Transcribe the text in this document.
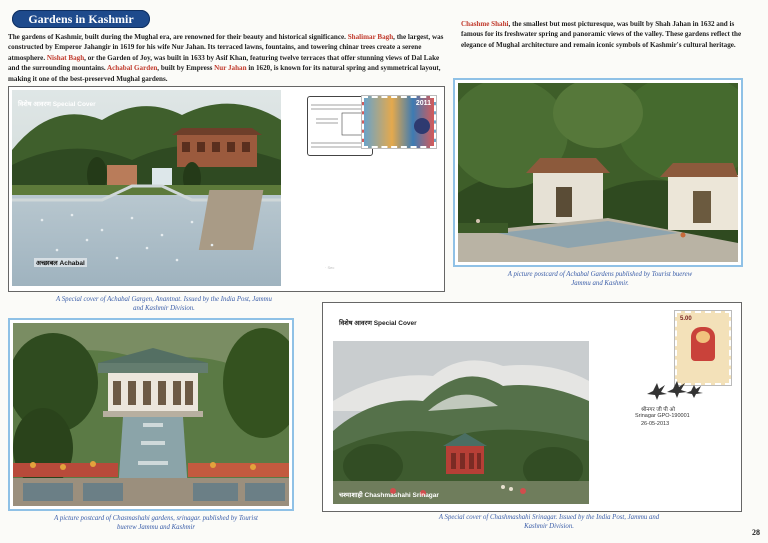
Gardens in Kashmir
The gardens of Kashmir, built during the Mughal era, are renowned for their beauty and historical significance. Shalimar Bagh, the largest, was constructed by Emperor Jahangir in 1619 for his wife Nur Jahan. Its terraced lawns, fountains, and towering chinar trees create a serene atmosphere. Nishat Bagh, or the Garden of Joy, was built in 1633 by Asif Khan, featuring twelve terraces that offer stunning views of Dal Lake and the surrounding mountains. Achabal Garden, built by Empress Nur Jahan in 1620, is known for its natural spring and symmetrical layout, making it one of the best-preserved Mughal gardens.
Chashme Shahi, the smallest but most picturesque, was built by Shah Jahan in 1632 and is famous for its freshwater spring and panoramic views of the valley. These gardens reflect the elegance of Mughal architecture and remain iconic symbols of Kashmir's cultural heritage.
विशेष आवरण Special Cover
अच्छाबल Achabal
2011
· Sec
A Special cover of Achabal Gargen, Anantnat. Issued by the India Post, Jammu and Kashmir Division.
A picture postcard of Achabal Gardens published by Tourist buerew Jammu and Kashmir.
A picture postcard of Chasmashahi gardens, srinagar. published by Tourist buerew Jammu and Kashmir
विशेष आवरण Special Cover
चश्माशाही Chashmashahi Srinagar
5.00
श्रीनगर जी पी ओ
Srinagar GPO-190001
26-05-2013
A Special cover of Chashmashahi Srinagar. Issued by the India Post, Jammu and Kashmir Division.
28
